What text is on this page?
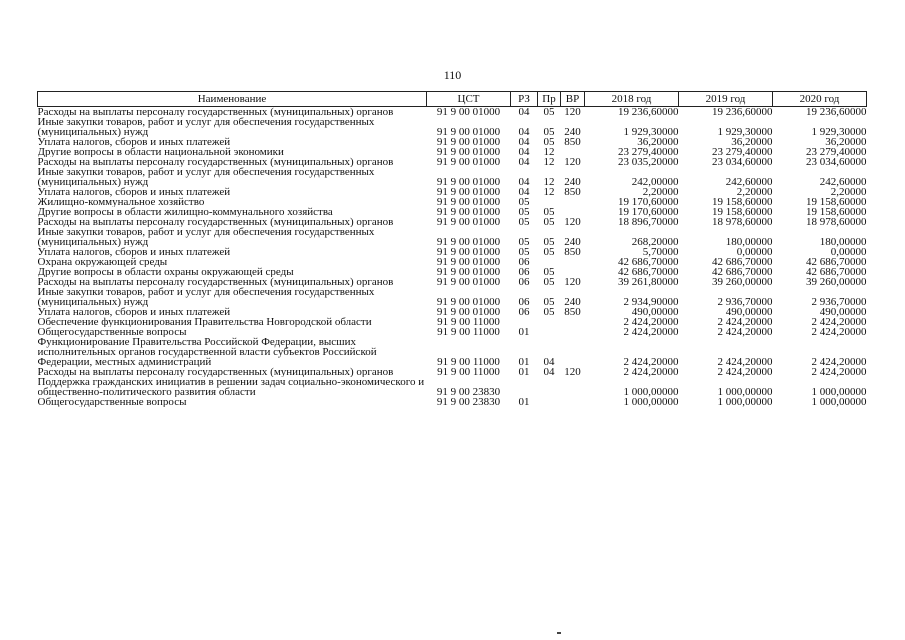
110
Наименование	ЦСТ	РЗ	Пр	ВР	2018 год	2019 год	2020 год
Расходы на выплаты персоналу государственных (муниципальных) органов	91 9 00 01000	04	05	120	19 236,60000	19 236,60000	19 236,60000
Иные закупки товаров, работ и услуг для обеспечения государственных (муниципальных) нужд	91 9 00 01000	04	05	240	1 929,30000	1 929,30000	1 929,30000
Уплата налогов, сборов и иных платежей	91 9 00 01000	04	05	850	36,20000	36,20000	36,20000
Другие вопросы в области национальной экономики	91 9 00 01000	04	12		23 279,40000	23 279,40000	23 279,40000
Расходы на выплаты персоналу государственных (муниципальных) органов	91 9 00 01000	04	12	120	23 035,20000	23 034,60000	23 034,60000
Иные закупки товаров, работ и услуг для обеспечения государственных (муниципальных) нужд	91 9 00 01000	04	12	240	242,00000	242,60000	242,60000
Уплата налогов, сборов и иных платежей	91 9 00 01000	04	12	850	2,20000	2,20000	2,20000
Жилищно-коммунальное хозяйство	91 9 00 01000	05			19 170,60000	19 158,60000	19 158,60000
Другие вопросы в области жилищно-коммунального хозяйства	91 9 00 01000	05	05		19 170,60000	19 158,60000	19 158,60000
Расходы на выплаты персоналу государственных (муниципальных) органов	91 9 00 01000	05	05	120	18 896,70000	18 978,60000	18 978,60000
Иные закупки товаров, работ и услуг для обеспечения государственных (муниципальных) нужд	91 9 00 01000	05	05	240	268,20000	180,00000	180,00000
Уплата налогов, сборов и иных платежей	91 9 00 01000	05	05	850	5,70000	0,00000	0,00000
Охрана окружающей среды	91 9 00 01000	06			42 686,70000	42 686,70000	42 686,70000
Другие вопросы в области охраны окружающей среды	91 9 00 01000	06	05		42 686,70000	42 686,70000	42 686,70000
Расходы на выплаты персоналу государственных (муниципальных) органов	91 9 00 01000	06	05	120	39 261,80000	39 260,00000	39 260,00000
Иные закупки товаров, работ и услуг для обеспечения государственных (муниципальных) нужд	91 9 00 01000	06	05	240	2 934,90000	2 936,70000	2 936,70000
Уплата налогов, сборов и иных платежей	91 9 00 01000	06	05	850	490,00000	490,00000	490,00000
Обеспечение функционирования Правительства Новгородской области	91 9 00 11000				2 424,20000	2 424,20000	2 424,20000
Общегосударственные вопросы	91 9 00 11000	01			2 424,20000	2 424,20000	2 424,20000
Функционирование Правительства Российской Федерации, высших исполнительных органов государственной власти субъектов Российской Федерации, местных администраций	91 9 00 11000	01	04		2 424,20000	2 424,20000	2 424,20000
Расходы на выплаты персоналу государственных (муниципальных) органов	91 9 00 11000	01	04	120	2 424,20000	2 424,20000	2 424,20000
Поддержка гражданских инициатив в решении задач социально-экономического и общественно-политического развития области	91 9 00 23830				1 000,00000	1 000,00000	1 000,00000
Общегосударственные вопросы	91 9 00 23830	01			1 000,00000	1 000,00000	1 000,00000
